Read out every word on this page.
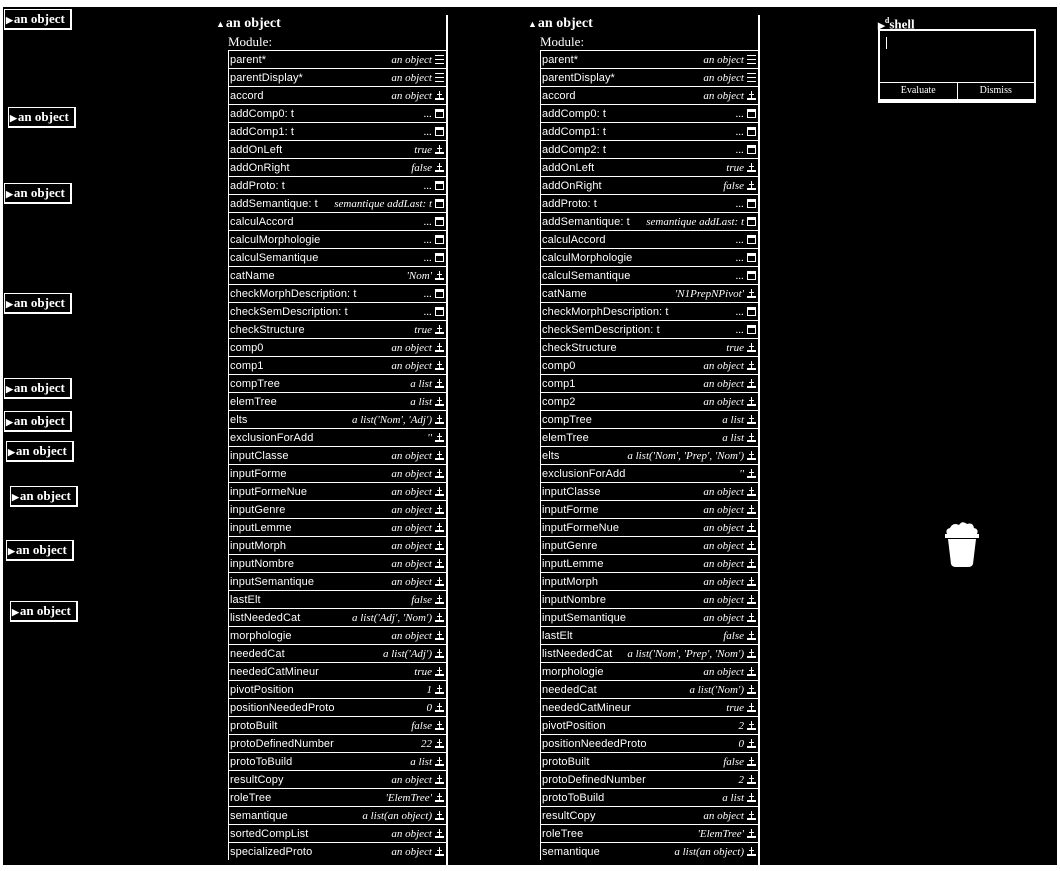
▶an object
▶an object
▶an object
▶an object
▶an object
▶an object
▶an object
▶an object
▶an object
▶an object
▲an object
Module:
parent*	an object
parentDisplay*	an object
accord	an object
addComp0: t	...
addComp1: t	...
addOnLeft	true
addOnRight	false
addProto: t	...
addSemantique: t	semantique addLast: t
calculAccord	...
calculMorphologie	...
calculSemantique	...
catName	'Nom'
checkMorphDescription: t	...
checkSemDescription: t	...
checkStructure	true
comp0	an object
comp1	an object
compTree	a list
elemTree	a list
elts	a list('Nom', 'Adj')
exclusionForAdd	''
inputClasse	an object
inputForme	an object
inputFormeNue	an object
inputGenre	an object
inputLemme	an object
inputMorph	an object
inputNombre	an object
inputSemantique	an object
lastElt	false
listNeededCat	a list('Adj', 'Nom')
morphologie	an object
neededCat	a list('Adj')
neededCatMineur	true
pivotPosition	1
positionNeededProto	0
protoBuilt	false
protoDefinedNumber	22
protoToBuild	a list
resultCopy	an object
roleTree	'ElemTree'
semantique	a list(an object)
sortedCompList	an object
specializedProto	an object
▲an object
Module:
parent*	an object
parentDisplay*	an object
accord	an object
addComp0: t	...
addComp1: t	...
addComp2: t	...
addOnLeft	true
addOnRight	false
addProto: t	...
addSemantique: t	semantique addLast: t
calculAccord	...
calculMorphologie	...
calculSemantique	...
catName	'N1PrepNPivot'
checkMorphDescription: t	...
checkSemDescription: t	...
checkStructure	true
comp0	an object
comp1	an object
comp2	an object
compTree	a list
elemTree	a list
elts	a list('Nom', 'Prep', 'Nom')
exclusionForAdd	''
inputClasse	an object
inputForme	an object
inputFormeNue	an object
inputGenre	an object
inputLemme	an object
inputMorph	an object
inputNombre	an object
inputSemantique	an object
lastElt	false
listNeededCat	a list('Nom', 'Prep', 'Nom')
morphologie	an object
neededCat	a list('Nom')
neededCatMineur	true
pivotPosition	2
positionNeededProto	0
protoBuilt	false
protoDefinedNumber	2
protoToBuild	a list
resultCopy	an object
roleTree	'ElemTree'
semantique	a list(an object)
▶$^d$shell
Evaluate	Dismiss
